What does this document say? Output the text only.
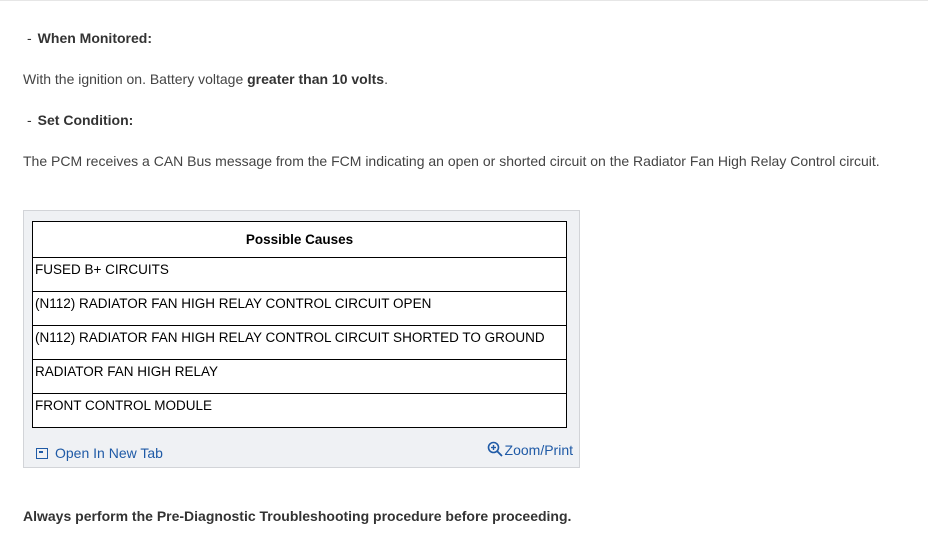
- When Monitored:
With the ignition on. Battery voltage greater than 10 volts.
- Set Condition:
The PCM receives a CAN Bus message from the FCM indicating an open or shorted circuit on the Radiator Fan High Relay Control circuit.
Possible Causes
FUSED B+ CIRCUITS
(N112) RADIATOR FAN HIGH RELAY CONTROL CIRCUIT OPEN
(N112) RADIATOR FAN HIGH RELAY CONTROL CIRCUIT SHORTED TO GROUND
RADIATOR FAN HIGH RELAY
FRONT CONTROL MODULE
Open In New Tab	Zoom/Print
Always perform the Pre-Diagnostic Troubleshooting procedure before proceeding.
